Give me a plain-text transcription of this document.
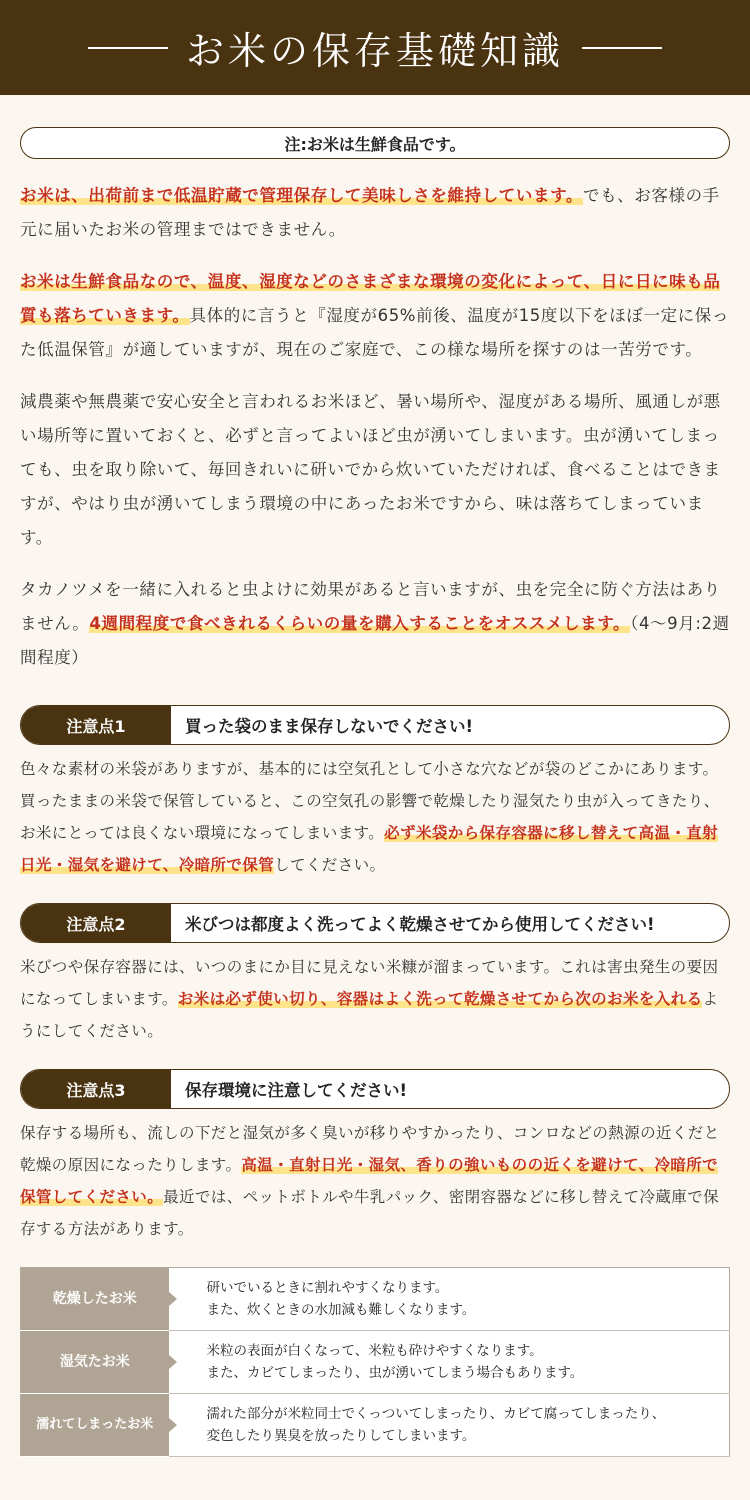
お米の保存基礎知識
注:お米は生鮮食品です。

お米は、出荷前まで低温貯蔵で管理保存して美味しさを維持しています。でも、お客様の手元に届いたお米の管理まではできません。

お米は生鮮食品なので、温度、湿度などのさまざまな環境の変化によって、日に日に味も品質も落ちていきます。具体的に言うと『湿度が65%前後、温度が15度以下をほぼ一定に保った低温保管』が適していますが、現在のご家庭で、この様な場所を探すのは一苦労です。

減農薬や無農薬で安心安全と言われるお米ほど、暑い場所や、湿度がある場所、風通しが悪い場所等に置いておくと、必ずと言ってよいほど虫が湧いてしまいます。虫が湧いてしまっても、虫を取り除いて、毎回きれいに研いでから炊いていただければ、食べることはできますが、やはり虫が湧いてしまう環境の中にあったお米ですから、味は落ちてしまっています。

タカノツメを一緒に入れると虫よけに効果があると言いますが、虫を完全に防ぐ方法はありません。4週間程度で食べきれるくらいの量を購入することをオススメします。（4～9月:2週間程度）

注意点1	買った袋のまま保存しないでください!

色々な素材の米袋がありますが、基本的には空気孔として小さな穴などが袋のどこかにあります。買ったままの米袋で保管していると、この空気孔の影響で乾燥したり湿気たり虫が入ってきたり、お米にとっては良くない環境になってしまいます。必ず米袋から保存容器に移し替えて高温・直射日光・湿気を避けて、冷暗所で保管してください。

注意点2	米びつは都度よく洗ってよく乾燥させてから使用してください!

米びつや保存容器には、いつのまにか目に見えない米糠が溜まっています。これは害虫発生の要因になってしまいます。お米は必ず使い切り、容器はよく洗って乾燥させてから次のお米を入れるようにしてください。

注意点3	保存環境に注意してください!

保存する場所も、流しの下だと湿気が多く臭いが移りやすかったり、コンロなどの熱源の近くだと乾燥の原因になったりします。高温・直射日光・湿気、香りの強いものの近くを避けて、冷暗所で保管してください。最近では、ペットボトルや牛乳パック、密閉容器などに移し替えて冷蔵庫で保存する方法があります。

乾燥したお米	研いでいるときに割れやすくなります。
また、炊くときの水加減も難しくなります。

湿気たお米	米粒の表面が白くなって、米粒も砕けやすくなります。
また、カビてしまったり、虫が湧いてしまう場合もあります。

濡れてしまったお米	濡れた部分が米粒同士でくっついてしまったり、カビて腐ってしまったり、
変色したり異臭を放ったりしてしまいます。
